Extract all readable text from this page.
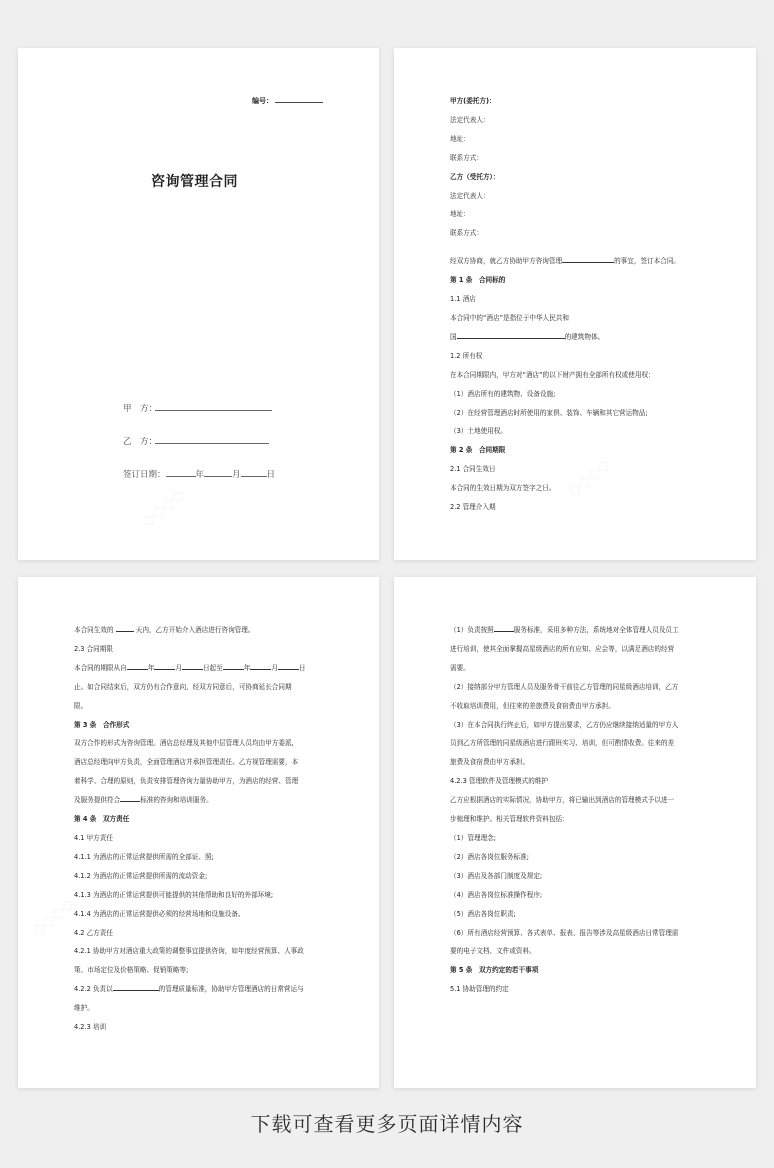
编号：
咨询管理合同
甲　方：
乙　方：
签订日期：	年	月	日

甲方(委托方)：

法定代表人：

地址：

联系方式：

乙方（受托方）：

法定代表人：

地址：

联系方式：

经双方协商，就乙方协助甲方咨询管理	的事宜，签订本合同。

第 1 条　合同标的

1.1 酒店

本合同中的“酒店”是指位于中华人民共和

国	的建筑物体。

1.2 所有权

在本合同期限内，甲方对“酒店”的以下财产拥有全部所有权或使用权：

（1）酒店所有的建筑物、设备设施;

（2）在经营管理酒店时所使用的家俱、装饰、车辆和其它营运物品;

（3）土地使用权。

第 2 条　合同期限

2.1 合同生效日

本合同的生效日期为双方签字之日。

2.2 管理介入期

本合同生效的	天内，乙方开始介入酒店进行咨询管理。

2.3 合同期限

本合同的期限从自	年	月	日起至	年	月	日

止。如合同结束后，双方仍有合作意向，经双方同意后，可协商延长合同期

限。

第 3 条　合作形式

双方合作的形式为咨询管理。酒店总经理及其他中层管理人员均由甲方委派,

酒店总经理向甲方负责，全面管理酒店并承担管理责任。乙方视管理需要，本

着科学、合理的原则，负责安排管理咨询力量协助甲方，为酒店的经营、管理

及服务提供符合	标准的咨询和培训服务。

第 4 条　双方责任

4.1 甲方责任

4.1.1 为酒店的正常运营提供所需的全部证、照;

4.1.2 为酒店的正常运营提供所需的流动资金;

4.1.3 为酒店的正常运营提供可能提供的其他帮助和良好的外部环境;

4.1.4 为酒店的正常运营提供必须的经营场地和设施设备。

4.2 乙方责任

4.2.1 协助甲方对酒店重大政策的调整事宜提供咨询，如年度经营预算、人事政

策、市场定位及价格策略、促销策略等;

4.2.2 负责以	的管理质量标准，协助甲方管理酒店的日常营运与

维护。

4.2.3 培训

（1）负责按照	服务标准，采用多种方法，系统地对全体管理人员及员工

进行培训，使其全面掌握高星级酒店的所有应知、应会等，以满足酒店的经营

需要。

（2）接纳部分甲方管理人员及服务骨干前往乙方管理的同星级酒店培训，乙方

不收取培训费用，但往来的差旅费及食宿费由甲方承担。

（3）在本合同执行终止后，如甲方提出要求，乙方仍应继续接纳适量的甲方人

员到乙方所管理的同星级酒店进行跟班实习、培训，但可酌情收费。往来的差

旅费及食宿费由甲方承担。

4.2.3 管理软件及管理模式的维护

乙方应根据酒店的实际情况，协助甲方，将已输出到酒店的管理模式予以进一

步梳理和维护。相关管理软件资料包括：

（1）管理理念;

（2）酒店各岗位服务标准;

（3）酒店及各部门制度及规定;

（4）酒店各岗位标准操作程序;

（5）酒店各岗位职责;

（6）所有酒店经营预算、各式表单、报表、报告等涉及高星级酒店日常管理需

要的电子文档、文件或资料。

第 5 条　双方约定的若干事项

5.1 协助管理的约定

下载可查看更多页面详情内容
